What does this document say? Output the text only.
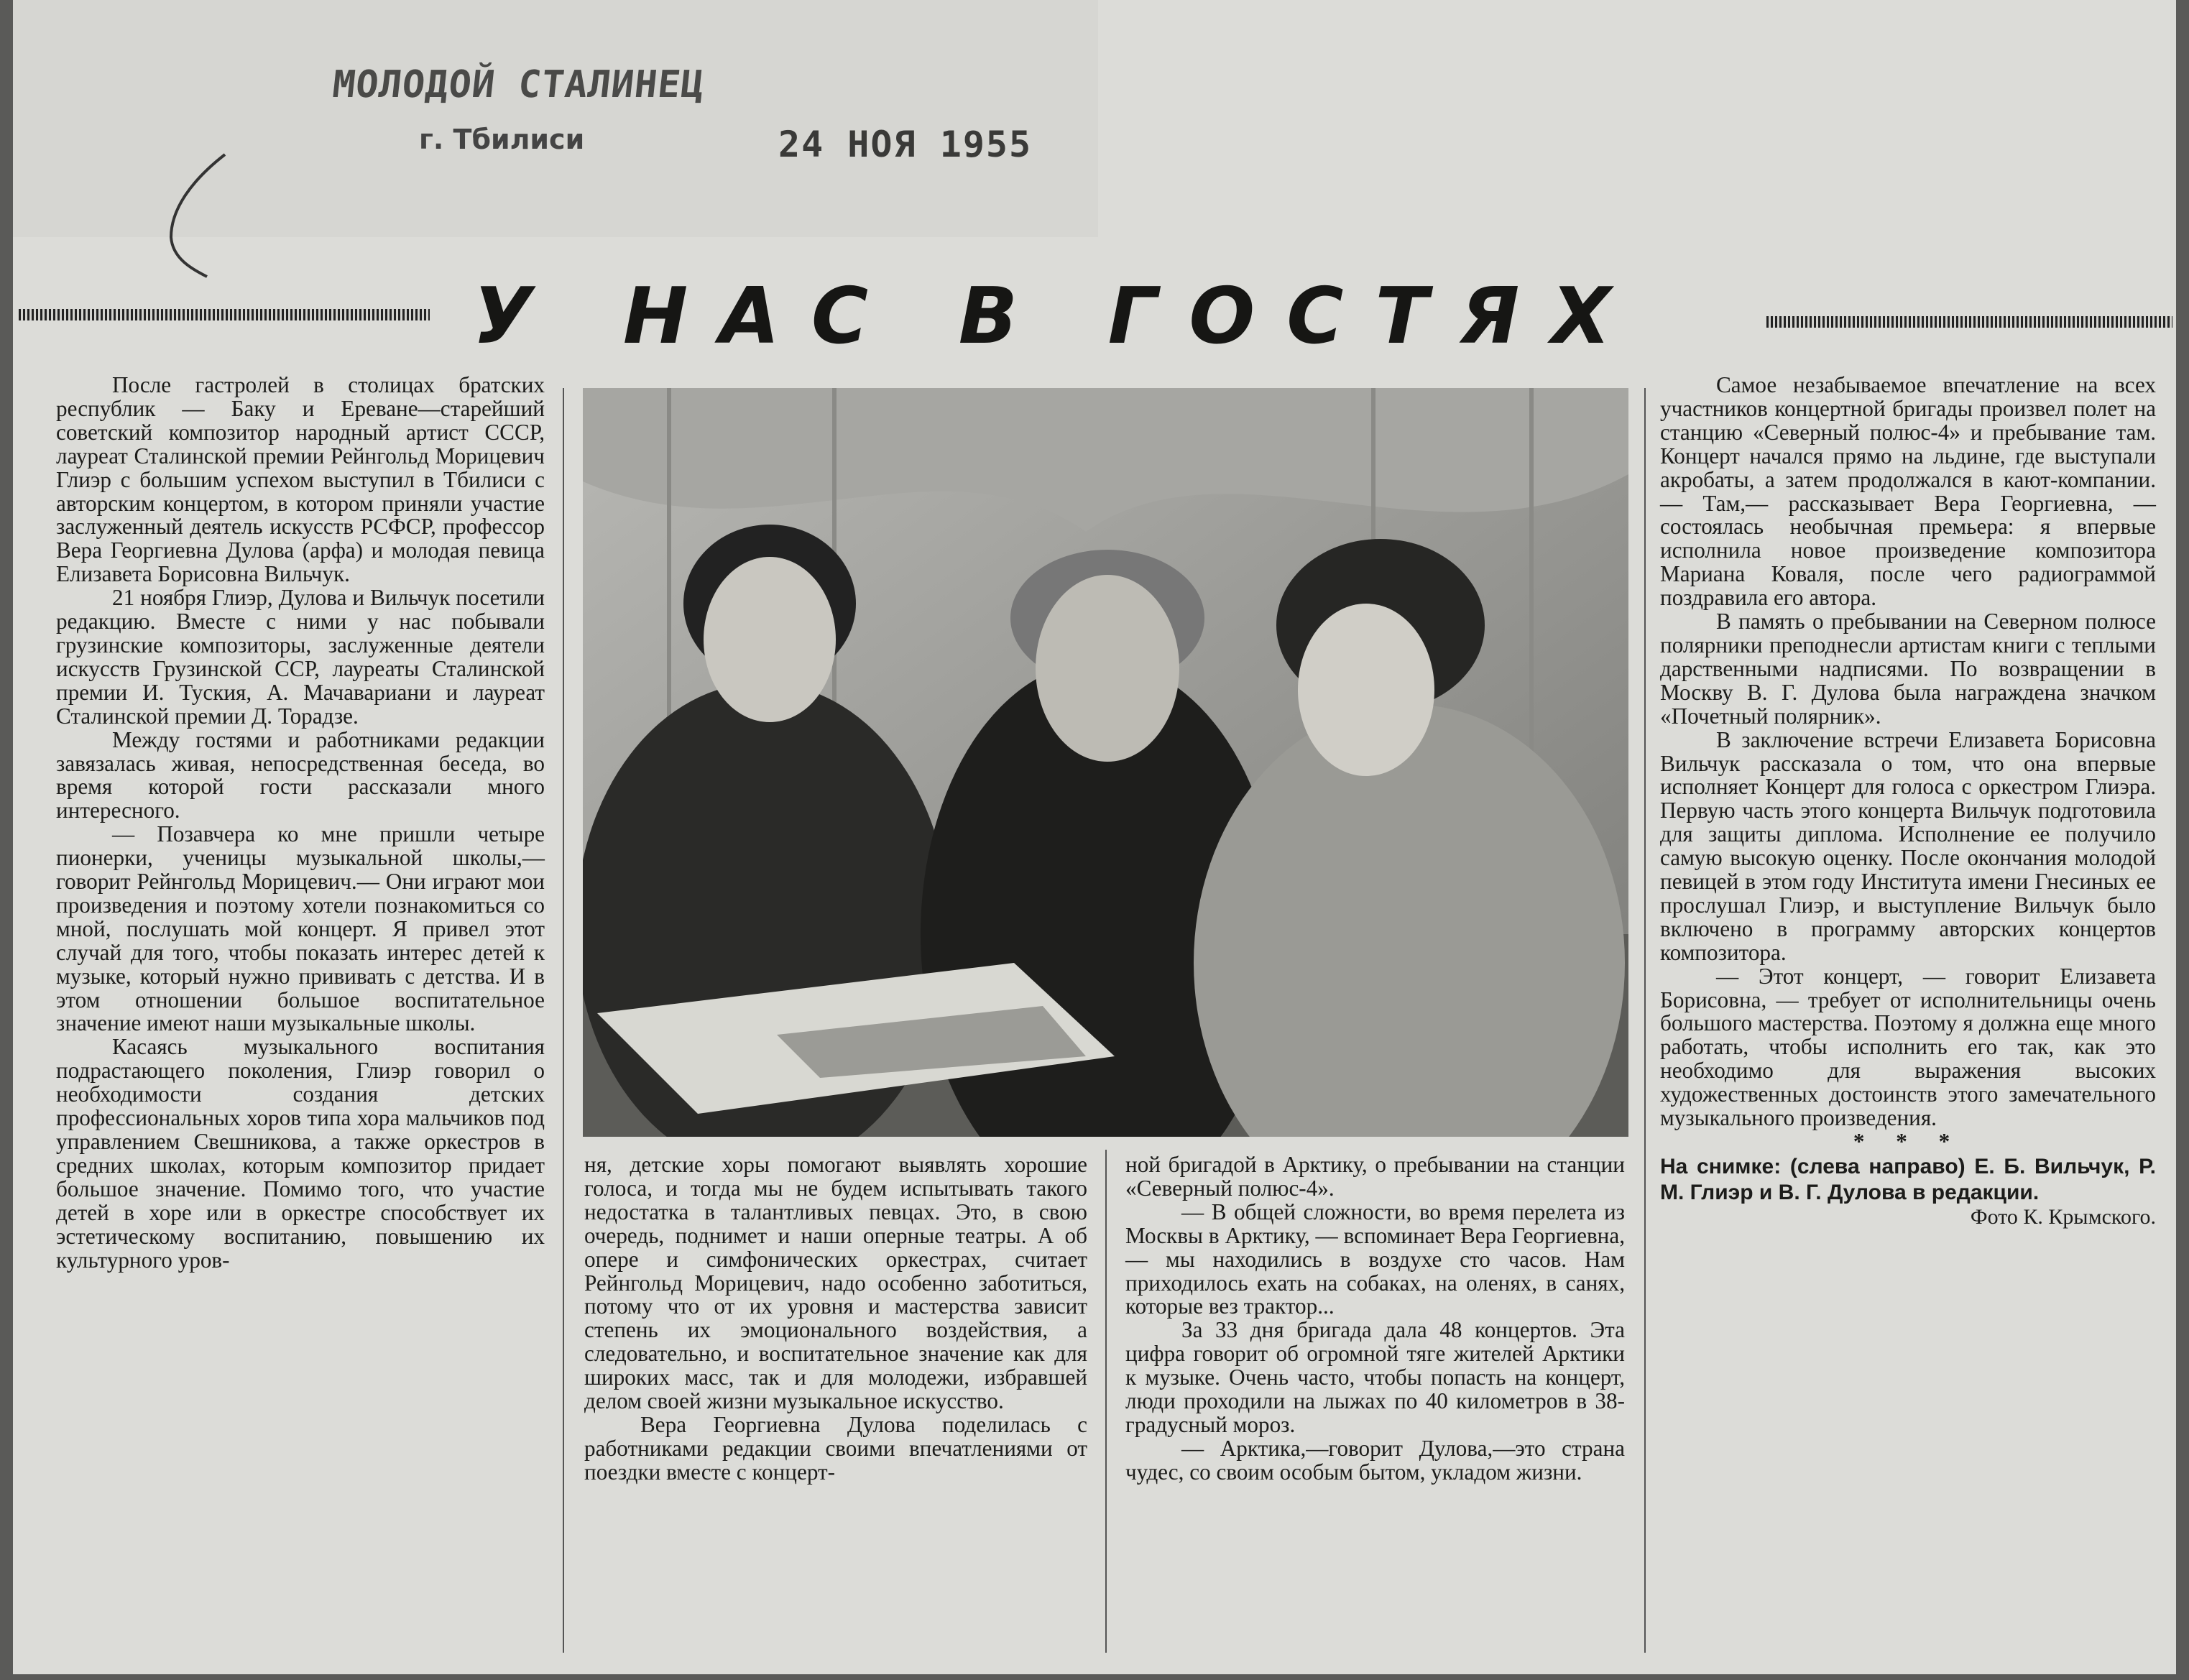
МОЛОДОЙ СТАЛИНЕЦ
г. Тбилиси	24 НОЯ 1955
У НАС В ГОСТЯХ

После гастролей в столицах братских республик — Баку и Ереване—старейший советский композитор народный артист СССР, лауреат Сталинской премии Рейнгольд Морицевич Глиэр с большим успехом выступил в Тбилиси с авторским концертом, в котором приняли участие заслуженный деятель искусств РСФСР, профессор Вера Георгиевна Дулова (арфа) и молодая певица Елизавета Борисовна Вильчук.

21 ноября Глиэр, Дулова и Вильчук посетили редакцию. Вместе с ними у нас побывали грузинские композиторы, заслуженные деятели искусств Грузинской ССР, лауреаты Сталинской премии И. Туския, А. Мачавариани и лауреат Сталинской премии Д. Торадзе.

Между гостями и работниками редакции завязалась живая, непосредственная беседа, во время которой гости рассказали много интересного.

— Позавчера ко мне пришли четыре пионерки, ученицы музыкальной школы,— говорит Рейнгольд Морицевич.— Они играют мои произведения и поэтому хотели познакомиться со мной, послушать мой концерт. Я привел этот случай для того, чтобы показать интерес детей к музыке, который нужно прививать с детства. И в этом отношении большое воспитательное значение имеют наши музыкальные школы.

Касаясь музыкального воспитания подрастающего поколения, Глиэр говорил о необходимости создания детских профессиональных хоров типа хора мальчиков под управлением Свешникова, а также оркестров в средних школах, которым композитор придает большое значение. Помимо того, что участие детей в хоре или в оркестре способствует их эстетическому воспитанию, повышению их культурного уров-

ня, детские хоры помогают выявлять хорошие голоса, и тогда мы не будем испытывать такого недостатка в талантливых певцах. Это, в свою очередь, поднимет и наши оперные театры. А об опере и симфонических оркестрах, считает Рейнгольд Морицевич, надо особенно заботиться, потому что от их уровня и мастерства зависит степень их эмоционального воздействия, а следовательно, и воспитательное значение как для широких масс, так и для молодежи, избравшей делом своей жизни музыкальное искусство.

Вера Георгиевна Дулова поделилась с работниками редакции своими впечатлениями от поездки вместе с концерт-

ной бригадой в Арктику, о пребывании на станции «Северный полюс-4».

— В общей сложности, во время перелета из Москвы в Арктику, — вспоминает Вера Георгиевна, — мы находились в воздухе сто часов. Нам приходилось ехать на собаках, на оленях, в санях, которые вез трактор...

За 33 дня бригада дала 48 концертов. Эта цифра говорит об огромной тяге жителей Арктики к музыке. Очень часто, чтобы попасть на концерт, люди проходили на лыжах по 40 километров в 38-градусный мороз.

— Арктика,—говорит Дулова,—это страна чудес, со своим особым бытом, укладом жизни.

Самое незабываемое впечатление на всех участников концертной бригады произвел полет на станцию «Северный полюс-4» и пребывание там. Концерт начался прямо на льдине, где выступали акробаты, а затем продолжался в кают-компании. — Там,— рассказывает Вера Георгиевна, — состоялась необычная премьера: я впервые исполнила новое произведение композитора Мариана Коваля, после чего радиограммой поздравила его автора.

В память о пребывании на Северном полюсе полярники преподнесли артистам книги с теплыми дарственными надписями. По возвращении в Москву В. Г. Дулова была награждена значком «Почетный полярник».

В заключение встречи Елизавета Борисовна Вильчук рассказала о том, что она впервые исполняет Концерт для голоса с оркестром Глиэра. Первую часть этого концерта Вильчук подготовила для защиты диплома. Исполнение ее получило самую высокую оценку. После окончания молодой певицей в этом году Института имени Гнесиных ее прослушал Глиэр, и выступление Вильчук было включено в программу авторских концертов композитора.

— Этот концерт, — говорит Елизавета Борисовна, — требует от исполнительницы очень большого мастерства. Поэтому я должна еще много работать, чтобы исполнить его так, как это необходимо для выражения высоких художественных достоинств этого замечательного музыкального произведения.

* * *

На снимке: (слева направо) Е. Б. Вильчук, Р. М. Глиэр и В. Г. Дулова в редакции.

Фото К. Крымского.
